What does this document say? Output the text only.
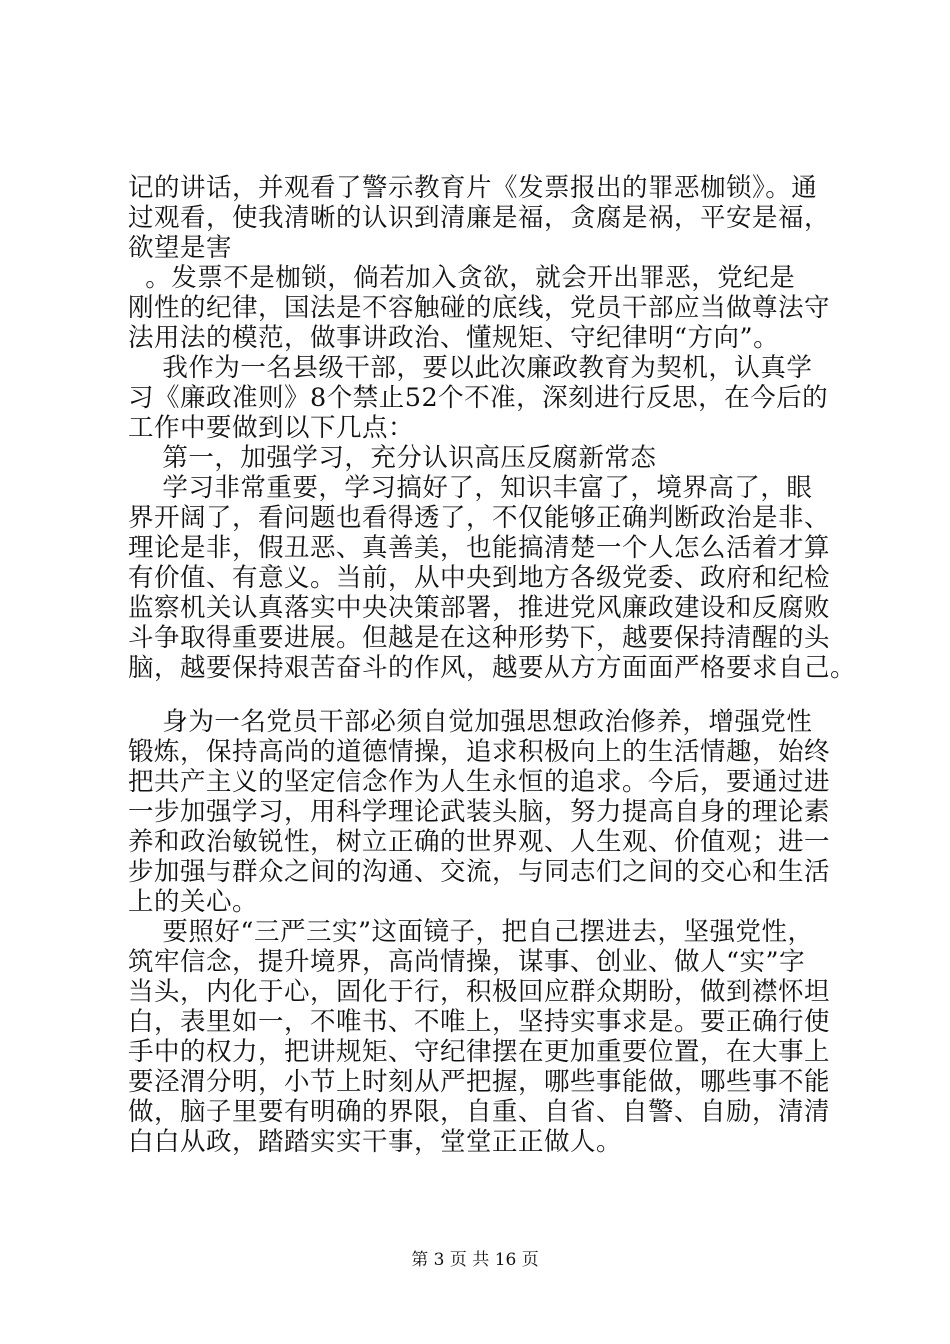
记的讲话，并观看了警示教育片《发票报出的罪恶枷锁》。通
过观看，使我清晰的认识到清廉是福，贪腐是祸，平安是福，
欲望是害
。发票不是枷锁，倘若加入贪欲，就会开出罪恶，党纪是
刚性的纪律，国法是不容触碰的底线，党员干部应当做尊法守
法用法的模范，做事讲政治、懂规矩、守纪律明“方向”。
我作为一名县级干部，要以此次廉政教育为契机，认真学
习《廉政准则》8个禁止52个不准，深刻进行反思，在今后的
工作中要做到以下几点：
第一，加强学习，充分认识高压反腐新常态
学习非常重要，学习搞好了，知识丰富了，境界高了，眼
界开阔了，看问题也看得透了，不仅能够正确判断政治是非、
理论是非，假丑恶、真善美，也能搞清楚一个人怎么活着才算
有价值、有意义。当前，从中央到地方各级党委、政府和纪检
监察机关认真落实中央决策部署，推进党风廉政建设和反腐败
斗争取得重要进展。但越是在这种形势下，越要保持清醒的头
脑，越要保持艰苦奋斗的作风，越要从方方面面严格要求自己。
身为一名党员干部必须自觉加强思想政治修养，增强党性
锻炼，保持高尚的道德情操，追求积极向上的生活情趣，始终
把共产主义的坚定信念作为人生永恒的追求。今后，要通过进
一步加强学习，用科学理论武装头脑，努力提高自身的理论素
养和政治敏锐性，树立正确的世界观、人生观、价值观；进一
步加强与群众之间的沟通、交流，与同志们之间的交心和生活
上的关心。
要照好“三严三实”这面镜子，把自己摆进去，坚强党性，
筑牢信念，提升境界，高尚情操，谋事、创业、做人“实”字
当头，内化于心，固化于行，积极回应群众期盼，做到襟怀坦
白，表里如一，不唯书、不唯上，坚持实事求是。要正确行使
手中的权力，把讲规矩、守纪律摆在更加重要位置，在大事上
要泾渭分明，小节上时刻从严把握，哪些事能做，哪些事不能
做，脑子里要有明确的界限，自重、自省、自警、自励，清清
白白从政，踏踏实实干事，堂堂正正做人。
第 3 页 共 16 页
